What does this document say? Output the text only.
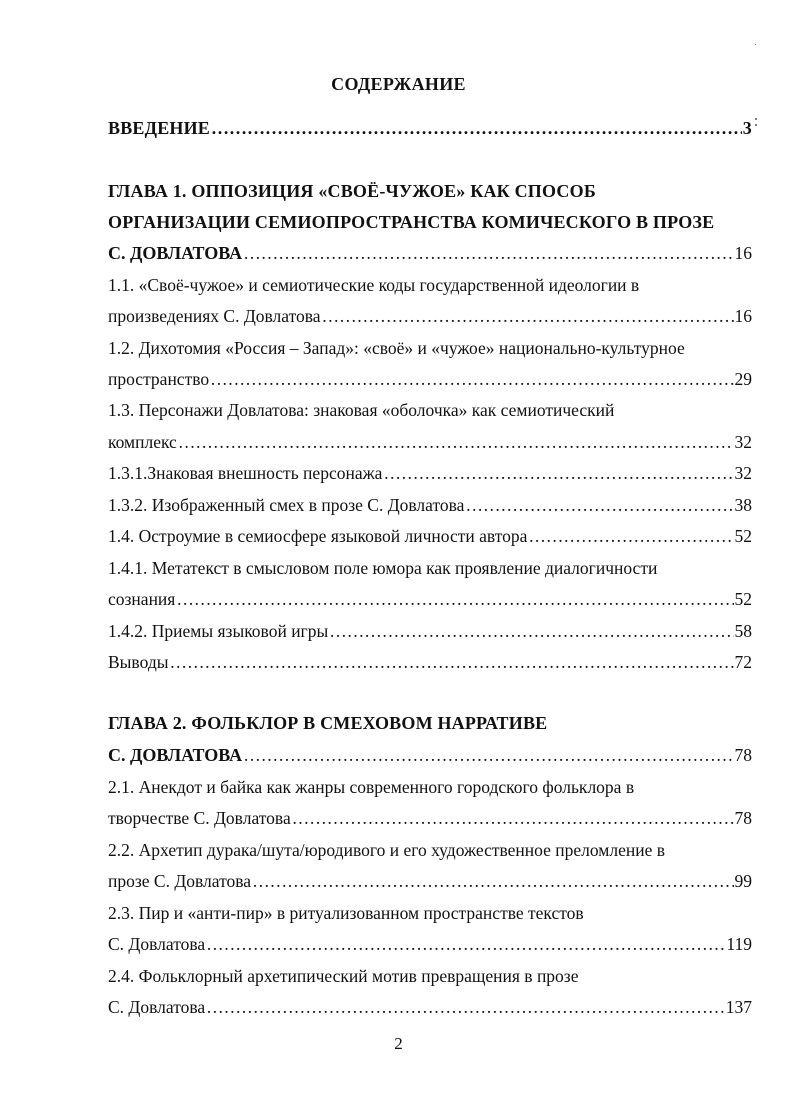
СОДЕРЖАНИЕ
ВВЕДЕНИЕ ………………………………………………………………………………………………………………………………………………………………………………………………	3
ГЛАВА 1. ОППОЗИЦИЯ «СВОЁ-ЧУЖОЕ» КАК СПОСОБ
ОРГАНИЗАЦИИ СЕМИОПРОСТРАНСТВА КОМИЧЕСКОГО В ПРОЗЕ
С. ДОВЛАТОВА ………………………………………………………………………………………………………………………………………………………………………………………………	16
1.1. «Своё-чужое» и семиотические коды государственной идеологии в
произведениях С. Довлатова ………………………………………………………………………………………………………………………………………………………………………………………………	16
1.2. Дихотомия «Россия – Запад»: «своё» и «чужое» национально-культурное
пространство ………………………………………………………………………………………………………………………………………………………………………………………………	29
1.3. Персонажи Довлатова: знаковая «оболочка» как семиотический
комплекс ………………………………………………………………………………………………………………………………………………………………………………………………	32
1.3.1.Знаковая внешность персонажа ………………………………………………………………………………………………………………………………………………………………………………………………	32
1.3.2. Изображенный смех в прозе С. Довлатова ………………………………………………………………………………………………………………………………………………………………………………………………	38
1.4. Остроумие в семиосфере языковой личности автора ………………………………………………………………………………………………………………………………………………………………………………………………	52
1.4.1. Метатекст в смысловом поле юмора как проявление диалогичности
сознания ………………………………………………………………………………………………………………………………………………………………………………………………	52
1.4.2. Приемы языковой игры ………………………………………………………………………………………………………………………………………………………………………………………………	58
Выводы ………………………………………………………………………………………………………………………………………………………………………………………………	72
ГЛАВА 2. ФОЛЬКЛОР В СМЕХОВОМ НАРРАТИВЕ
С. ДОВЛАТОВА ………………………………………………………………………………………………………………………………………………………………………………………………	78
2.1. Анекдот и байка как жанры современного городского фольклора в
творчестве С. Довлатова ………………………………………………………………………………………………………………………………………………………………………………………………	78
2.2. Архетип дурака/шута/юродивого и его художественное преломление в
прозе С. Довлатова ………………………………………………………………………………………………………………………………………………………………………………………………	99
2.3. Пир и «анти-пир» в ритуализованном пространстве текстов
С. Довлатова ………………………………………………………………………………………………………………………………………………………………………………………………	119
2.4. Фольклорный архетипический мотив превращения в прозе
С. Довлатова ………………………………………………………………………………………………………………………………………………………………………………………………	137
2
